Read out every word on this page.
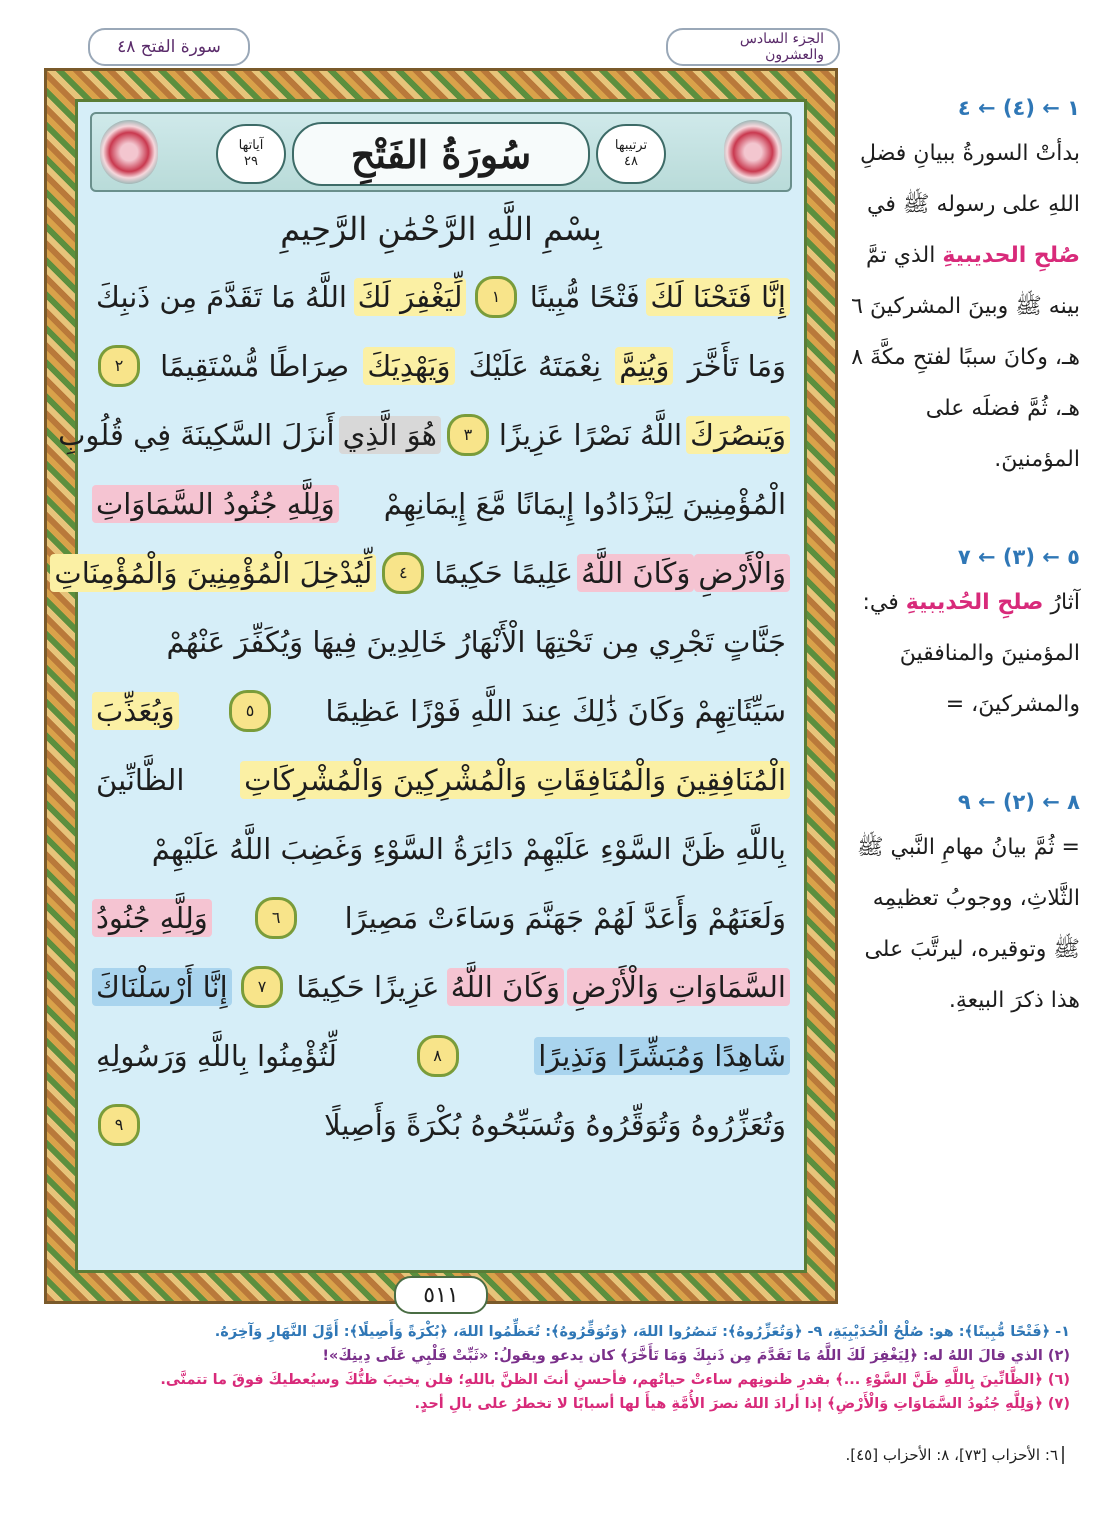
الجزء السادس والعشرون
سورة الفتح ٤٨
ترتيبها
٤٨
سُورَةُ الفَتْحِ
آياتها
٢٩
بِسْمِ اللَّهِ الرَّحْمَٰنِ الرَّحِيمِ
إِنَّا فَتَحْنَا لَكَ
فَتْحًا مُّبِينًا
١
لِّيَغْفِرَ لَكَ
اللَّهُ مَا تَقَدَّمَ مِن ذَنبِكَ
وَمَا تَأَخَّرَ
وَيُتِمَّ
نِعْمَتَهُ عَلَيْكَ
وَيَهْدِيَكَ
صِرَاطًا مُّسْتَقِيمًا
٢
وَيَنصُرَكَ
اللَّهُ نَصْرًا عَزِيزًا
٣
هُوَ الَّذِي
أَنزَلَ السَّكِينَةَ فِي قُلُوبِ
الْمُؤْمِنِينَ لِيَزْدَادُوا إِيمَانًا مَّعَ إِيمَانِهِمْ
وَلِلَّهِ جُنُودُ السَّمَاوَاتِ
وَالْأَرْضِ
وَكَانَ اللَّهُ
عَلِيمًا حَكِيمًا
٤
لِّيُدْخِلَ الْمُؤْمِنِينَ وَالْمُؤْمِنَاتِ
جَنَّاتٍ تَجْرِي مِن تَحْتِهَا الْأَنْهَارُ خَالِدِينَ فِيهَا وَيُكَفِّرَ عَنْهُمْ
سَيِّئَاتِهِمْ وَكَانَ ذَٰلِكَ عِندَ اللَّهِ فَوْزًا عَظِيمًا
٥
وَيُعَذِّبَ
الْمُنَافِقِينَ وَالْمُنَافِقَاتِ وَالْمُشْرِكِينَ وَالْمُشْرِكَاتِ
الظَّانِّينَ
بِاللَّهِ ظَنَّ السَّوْءِ عَلَيْهِمْ دَائِرَةُ السَّوْءِ وَغَضِبَ اللَّهُ عَلَيْهِمْ
وَلَعَنَهُمْ وَأَعَدَّ لَهُمْ جَهَنَّمَ وَسَاءَتْ مَصِيرًا
٦
وَلِلَّهِ جُنُودُ
السَّمَاوَاتِ وَالْأَرْضِ
وَكَانَ اللَّهُ
عَزِيزًا حَكِيمًا
٧
إِنَّا أَرْسَلْنَاكَ
شَاهِدًا وَمُبَشِّرًا وَنَذِيرًا
٨
لِّتُؤْمِنُوا بِاللَّهِ وَرَسُولِهِ
وَتُعَزِّرُوهُ وَتُوَقِّرُوهُ وَتُسَبِّحُوهُ بُكْرَةً وَأَصِيلًا
٩
٥١١
١ ← (٤) ← ٤

بدأتْ السورةُ ببيانِ فضلِ اللهِ على رسوله ﷺ في صُلحِ الحديبيةِ الذي تمَّ بينه ﷺ وبينَ المشركينَ ٦ هـ، وكانَ سببًا لفتحِ مكَّةَ ٨ هـ، ثُمَّ فضلَه على المؤمنينَ.

٥ ← (٣) ← ٧

آثارُ صلحِ الحُديبيةِ في: المؤمنينَ والمنافقينَ والمشركينَ، =

٨ ← (٢) ← ٩

= ثُمَّ بيانُ مهامِ النَّبي ﷺ الثَّلاثِ، ووجوبُ تعظيمِه ﷺ وتوقيره، ليرتَّبَ على هذا ذكرَ البيعةِ.

١- ﴿فَتْحًا مُّبِينًا﴾: هو: صُلْحُ الْحُدَيْبِيَةِ، ٩- ﴿وَتُعَزِّرُوهُ﴾: تَنصُرُوا اللهَ، ﴿وَتُوَقِّرُوهُ﴾: تُعَظِّمُوا اللهَ، ﴿بُكْرَةً وَأَصِيلًا﴾: أَوَّلَ النَّهَارِ وَآخِرَهُ.
(٢) الذي قالَ اللهُ له: ﴿لِيَغْفِرَ لَكَ اللَّهُ مَا تَقَدَّمَ مِن ذَنبِكَ وَمَا تَأَخَّرَ﴾ كان يدعو ويقولُ: «ثَبِّتْ قَلْبِي عَلَى دِينِكَ»!
(٦) ﴿الظَّانِّينَ بِاللَّهِ ظَنَّ السَّوْءِ ...﴾ بقدرِ ظنونِهم ساءتْ حياتُهم، فأحسنِ أنتَ الظنَّ باللهِ؛ فلن يخيبَ ظنُّكَ وسيُعطيكَ فوقَ ما تتمنَّى.
(٧) ﴿وَلِلَّهِ جُنُودُ السَّمَاوَاتِ وَالْأَرْضِ﴾ إذا أرادَ اللهُ نصرَ الأُمَّةِ هيأَ لها أسبابًا لا تخطرُ على بالِ أحدٍ.
٦: الأحزاب [٧٣]، ٨: الأحزاب [٤٥].
